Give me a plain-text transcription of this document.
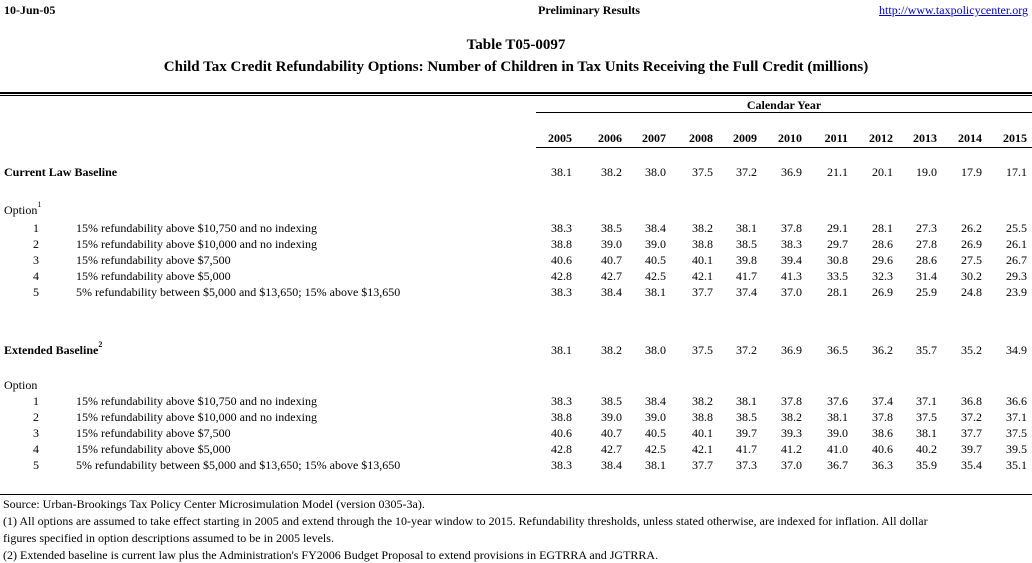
10-Jun-05	Preliminary Results	http://www.taxpolicycenter.org
Table T05-0097
Child Tax Credit Refundability Options: Number of Children in Tax Units Receiving the Full Credit (millions)
Calendar Year
2005	2006	2007	2008	2009	2010	2011	2012	2013	2014	2015
Current Law Baseline	38.1	38.2	38.0	37.5	37.2	36.9	21.1	20.1	19.0	17.9	17.1
Option$^1$
1	15% refundability above $10,750 and no indexing	38.3	38.5	38.4	38.2	38.1	37.8	29.1	28.1	27.3	26.2	25.5
2	15% refundability above $10,000 and no indexing	38.8	39.0	39.0	38.8	38.5	38.3	29.7	28.6	27.8	26.9	26.1
3	15% refundability above $7,500	40.6	40.7	40.5	40.1	39.8	39.4	30.8	29.6	28.6	27.5	26.7
4	15% refundability above $5,000	42.8	42.7	42.5	42.1	41.7	41.3	33.5	32.3	31.4	30.2	29.3
5	5% refundability between $5,000 and $13,650; 15% above $13,650	38.3	38.4	38.1	37.7	37.4	37.0	28.1	26.9	25.9	24.8	23.9
Extended Baseline$^2$	38.1	38.2	38.0	37.5	37.2	36.9	36.5	36.2	35.7	35.2	34.9
Option
1	15% refundability above $10,750 and no indexing	38.3	38.5	38.4	38.2	38.1	37.8	37.6	37.4	37.1	36.8	36.6
2	15% refundability above $10,000 and no indexing	38.8	39.0	39.0	38.8	38.5	38.2	38.1	37.8	37.5	37.2	37.1
3	15% refundability above $7,500	40.6	40.7	40.5	40.1	39.7	39.3	39.0	38.6	38.1	37.7	37.5
4	15% refundability above $5,000	42.8	42.7	42.5	42.1	41.7	41.2	41.0	40.6	40.2	39.7	39.5
5	5% refundability between $5,000 and $13,650; 15% above $13,650	38.3	38.4	38.1	37.7	37.3	37.0	36.7	36.3	35.9	35.4	35.1
Source: Urban-Brookings Tax Policy Center Microsimulation Model (version 0305-3a).
(1) All options are assumed to take effect starting in 2005 and extend through the 10-year window to 2015. Refundability thresholds, unless stated otherwise, are indexed for inflation. All dollar
figures specified in option descriptions assumed to be in 2005 levels.
(2) Extended baseline is current law plus the Administration's FY2006 Budget Proposal to extend provisions in EGTRRA and JGTRRA.
